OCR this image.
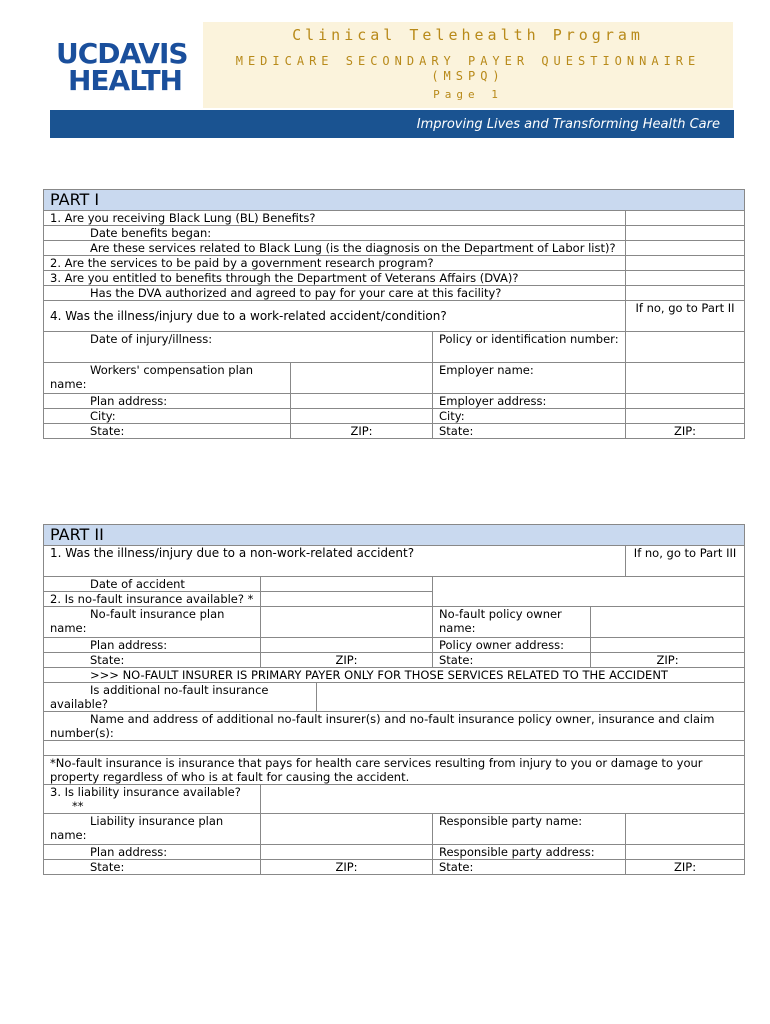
UCDAVIS
HEALTH
Clinical Telehealth Program
MEDICARE SECONDARY PAYER QUESTIONNAIRE (MSPQ)
Page 1
Improving Lives and Transforming Health Care
PART I			
1. Are you receiving Black Lung (BL) Benefits?			
Date benefits began:			
Are these services related to Black Lung (is the diagnosis on the Department of Labor list)?			
2. Are the services to be paid by a government research program?			
3. Are you entitled to benefits through the Department of Veterans Affairs (DVA)?			
Has the DVA authorized and agreed to pay for your care at this facility?			
4. Was the illness/injury due to a work-related accident/condition?			If no, go to Part II
Date of injury/illness:		Policy or identification number:	
Workers' compensation plan name:		Employer name:	
Plan address:		Employer address:	
City:		City:	
State:	ZIP:	State:	ZIP:
PART II					
1. Was the illness/injury due to a non-work-related accident?					If no, go to Part III
Date of accident					

2. Is no-fault insurance available? *					

No-fault insurance plan name:			No-fault policy owner name:		
Plan address:			Policy owner address:		
State:	ZIP:		State:	ZIP:	
>>> NO-FAULT INSURER IS PRIMARY PAYER ONLY FOR THOSE SERVICES RELATED TO THE ACCIDENT					
Is additional no-fault insurance available?					
Name and address of additional no-fault insurer(s) and no-fault insurance policy owner, insurance and claim number(s):					

*No-fault insurance is insurance that pays for health care services resulting from injury to you or damage to your property regardless of who is at fault for causing the accident.					

3. Is liability insurance available? **					

Liability insurance plan name:			Responsible party name:		
Plan address:			Responsible party address:		
State:	ZIP:		State:		ZIP:
